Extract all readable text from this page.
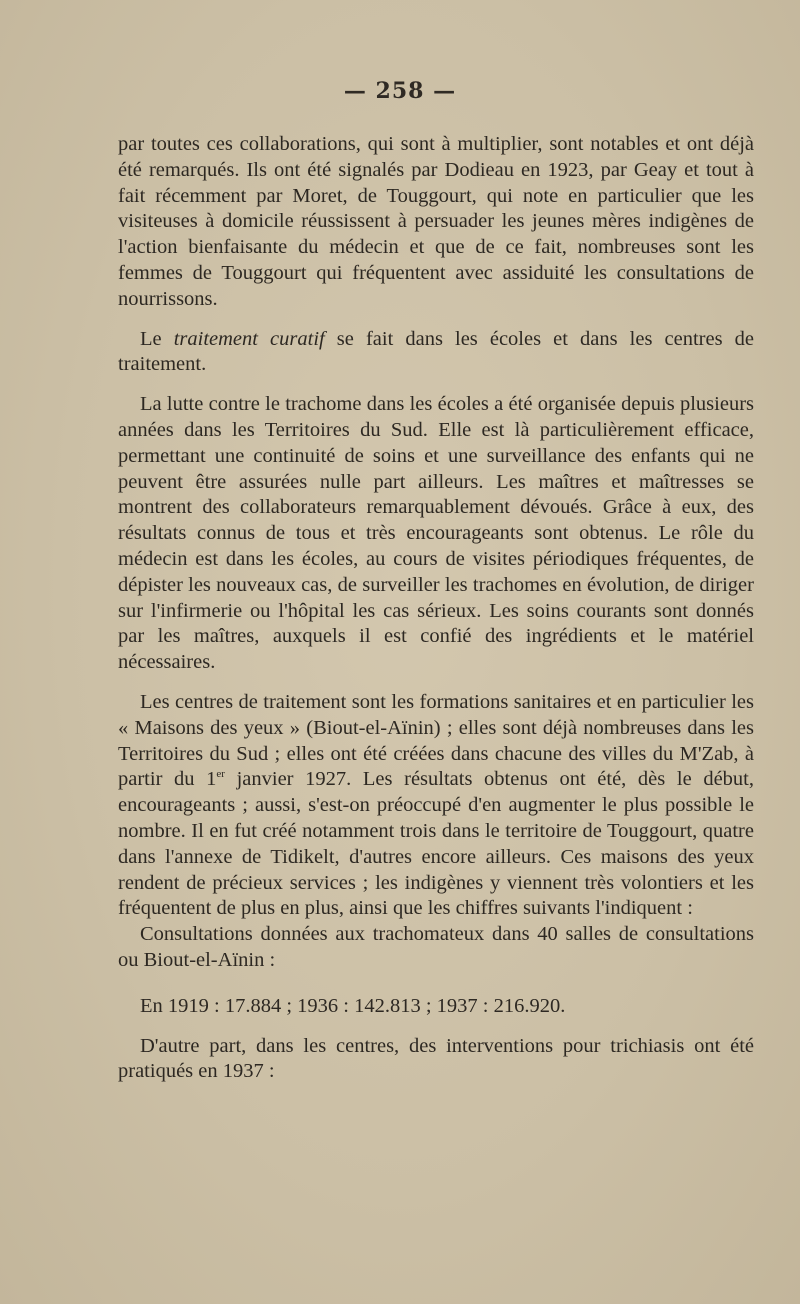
— 258 —

par toutes ces collaborations, qui sont à multiplier, sont notables et ont déjà été remarqués. Ils ont été signalés par Dodieau en 1923, par Geay et tout à fait récemment par Moret, de Touggourt, qui note en particulier que les visiteuses à domicile réussissent à persuader les jeunes mères indigènes de l'action bienfaisante du médecin et que de ce fait, nombreuses sont les femmes de Touggourt qui fréquentent avec assiduité les consultations de nourrissons.

Le traitement curatif se fait dans les écoles et dans les centres de traitement.

La lutte contre le trachome dans les écoles a été organisée depuis plusieurs années dans les Territoires du Sud. Elle est là particulièrement efficace, permettant une continuité de soins et une surveillance des enfants qui ne peuvent être assurées nulle part ailleurs. Les maîtres et maîtresses se montrent des collaborateurs remarquablement dévoués. Grâce à eux, des résultats connus de tous et très encourageants sont obtenus. Le rôle du médecin est dans les écoles, au cours de visites périodiques fréquentes, de dépister les nouveaux cas, de surveiller les trachomes en évolution, de diriger sur l'infirmerie ou l'hôpital les cas sérieux. Les soins courants sont donnés par les maîtres, auxquels il est confié des ingrédients et le matériel nécessaires.

Les centres de traitement sont les formations sanitaires et en particulier les « Maisons des yeux » (Biout-el-Aïnin) ; elles sont déjà nombreuses dans les Territoires du Sud ; elles ont été créées dans chacune des villes du M'Zab, à partir du 1er janvier 1927. Les résultats obtenus ont été, dès le début, encourageants ; aussi, s'est-on préoccupé d'en augmenter le plus possible le nombre. Il en fut créé notamment trois dans le territoire de Touggourt, quatre dans l'annexe de Tidikelt, d'autres encore ailleurs. Ces maisons des yeux rendent de précieux services ; les indigènes y viennent très volontiers et les fréquentent de plus en plus, ainsi que les chiffres suivants l'indiquent :

Consultations données aux trachomateux dans 40 salles de consultations ou Biout-el-Aïnin :

En 1919 : 17.884 ; 1936 : 142.813 ; 1937 : 216.920.

D'autre part, dans les centres, des interventions pour trichiasis ont été pratiqués en 1937 :
